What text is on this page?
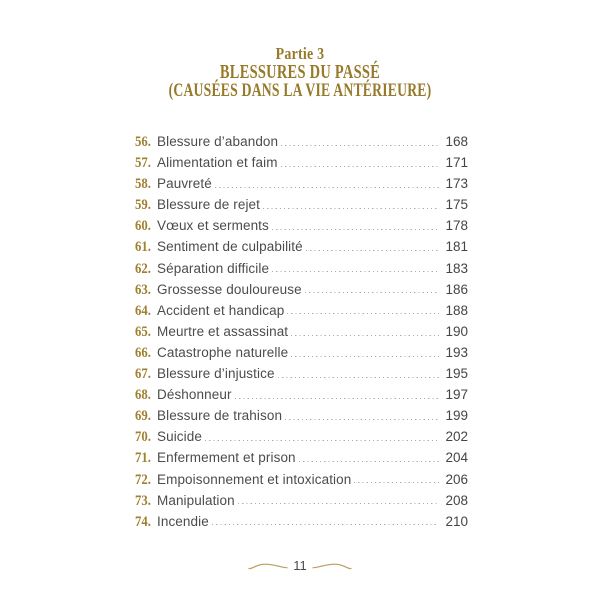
Partie 3
BLESSURES DU PASSÉ
(CAUSÉES DANS LA VIE ANTÉRIEURE)
56. Blessure d’abandon	168
57. Alimentation et faim	171
58. Pauvreté	173
59. Blessure de rejet	175
60. Vœux et serments	178
61. Sentiment de culpabilité	181
62. Séparation difficile	183
63. Grossesse douloureuse	186
64. Accident et handicap	188
65. Meurtre et assassinat	190
66. Catastrophe naturelle	193
67. Blessure d’injustice	195
68. Déshonneur	197
69. Blessure de trahison	199
70. Suicide	202
71. Enfermement et prison	204
72. Empoisonnement et intoxication	206
73. Manipulation	208
74. Incendie	210
11
